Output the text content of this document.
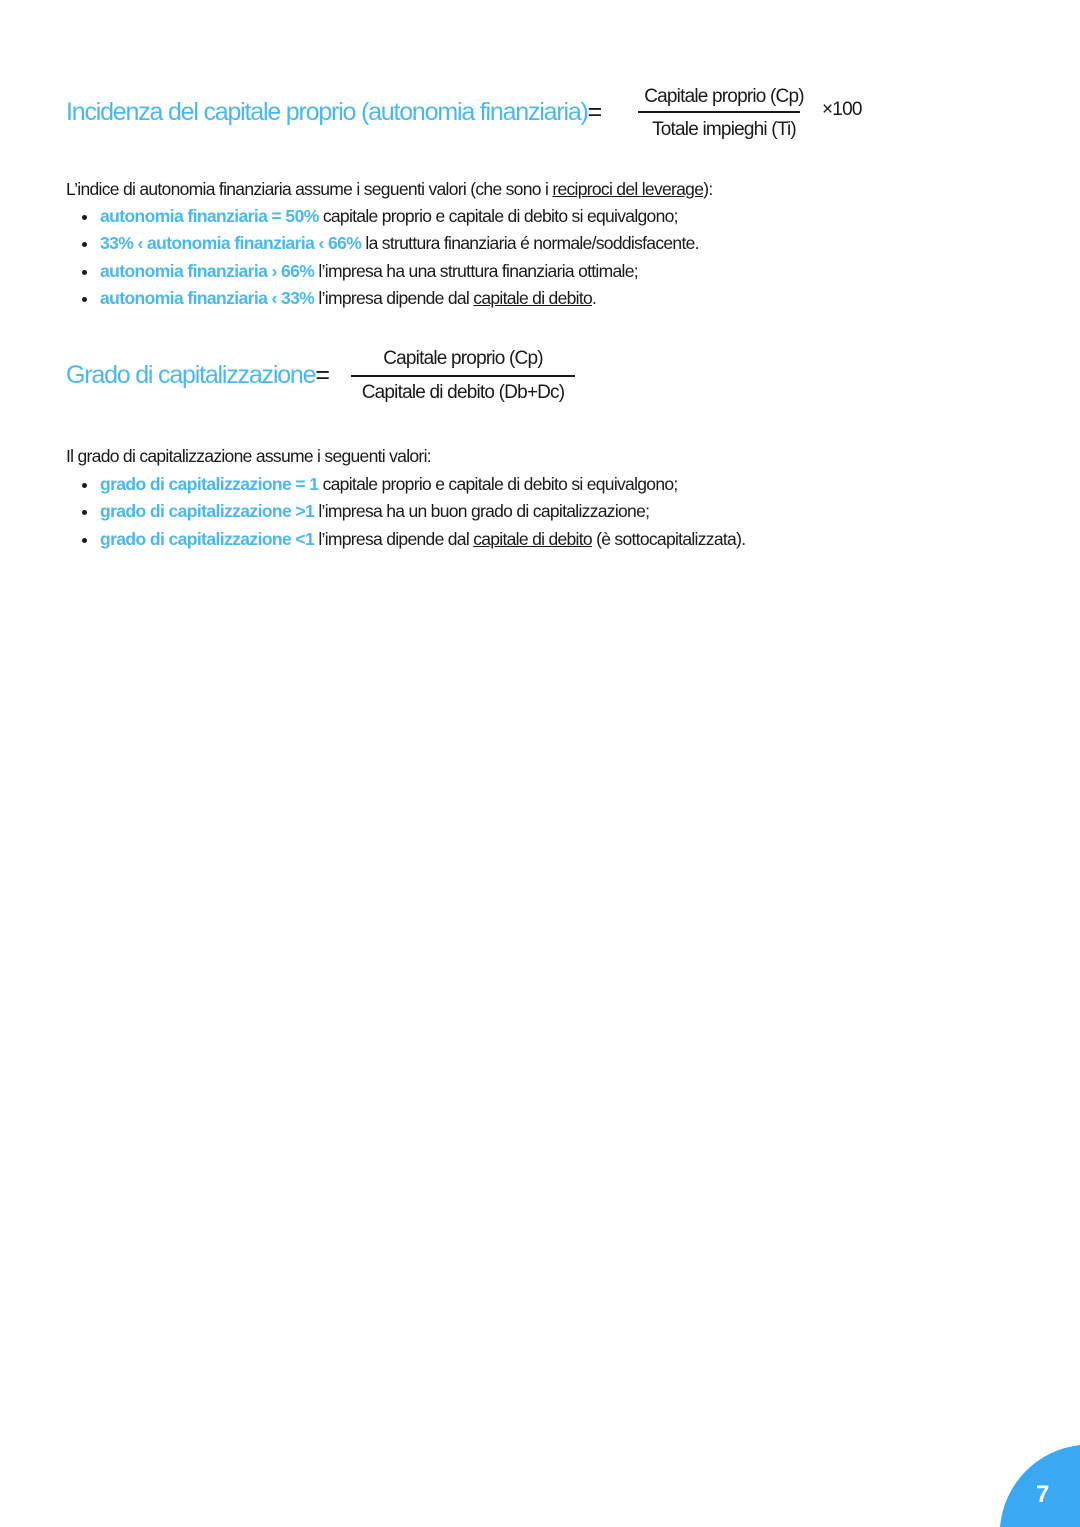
Incidenza del capitale proprio (autonomia finanziaria)=
Capitale proprio (Cp)
Totale impieghi (Ti)
×100
L’indice di autonomia finanziaria assume i seguenti valori (che sono i reciproci del leverage):
autonomia finanziaria = 50% capitale proprio e capitale di debito si equivalgono;
33% ‹ autonomia finanziaria ‹ 66% la struttura finanziaria é normale/soddisfacente.
autonomia finanziaria › 66% l’impresa ha una struttura finanziaria ottimale;
autonomia finanziaria ‹ 33% l’impresa dipende dal capitale di debito.
Grado di capitalizzazione=
Capitale proprio (Cp)
Capitale di debito (Db+Dc)
Il grado di capitalizzazione assume i seguenti valori:
grado di capitalizzazione = 1 capitale proprio e capitale di debito si equivalgono;
grado di capitalizzazione >1 l’impresa ha un buon grado di capitalizzazione;
grado di capitalizzazione <1 l’impresa dipende dal capitale di debito (è sottocapitalizzata).
7
